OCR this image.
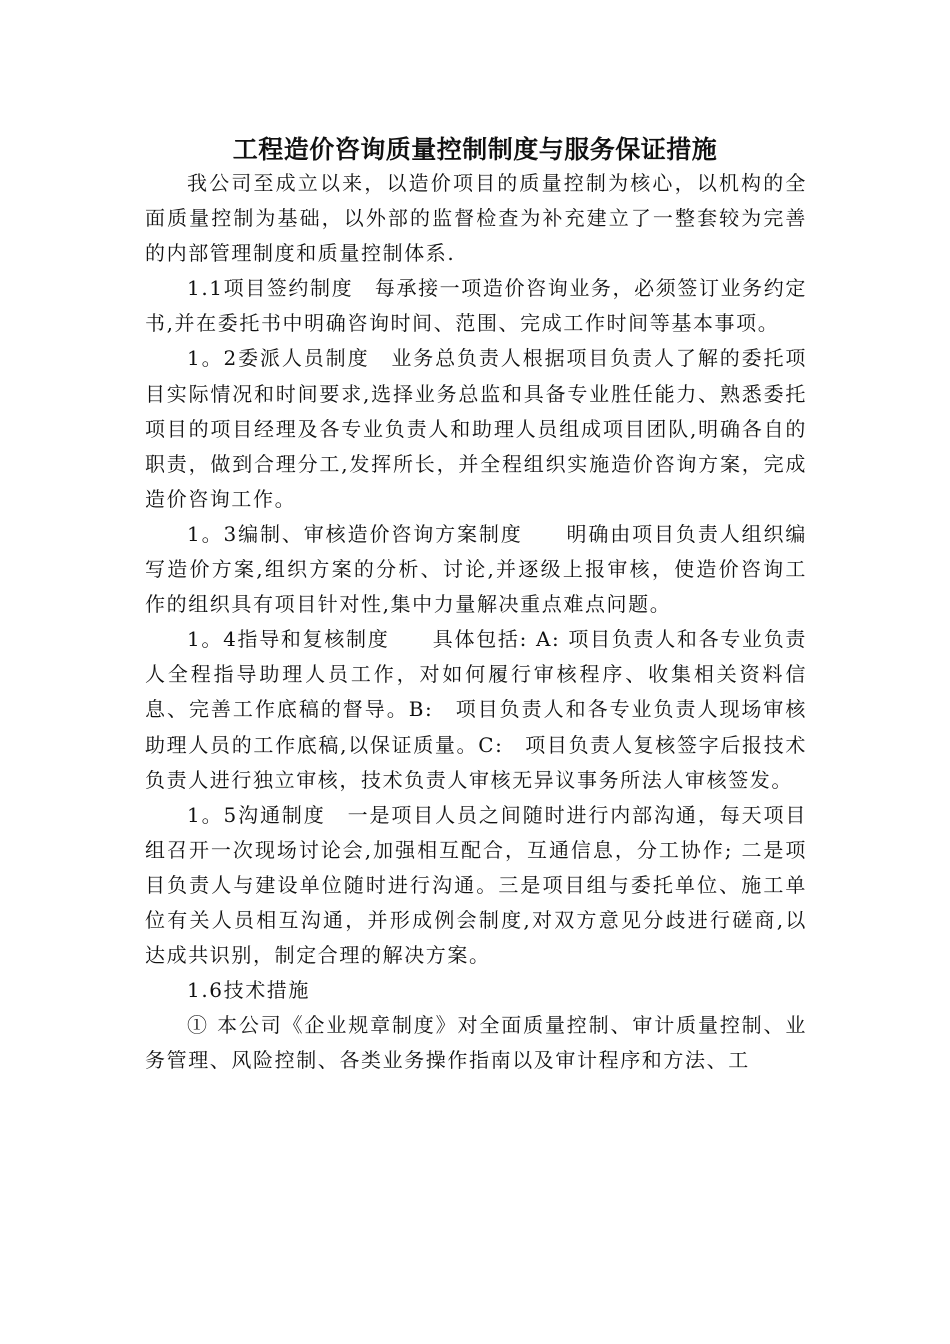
工程造价咨询质量控制制度与服务保证措施

我公司至成立以来，以造价项目的质量控制为核心，以机构的全面质量控制为基础，以外部的监督检查为补充建立了一整套较为完善的内部管理制度和质量控制体系.

1.1项目签约制度　每承接一项造价咨询业务，必须签订业务约定书,并在委托书中明确咨询时间、范围、完成工作时间等基本事项。

1。2委派人员制度　业务总负责人根据项目负责人了解的委托项目实际情况和时间要求,选择业务总监和具备专业胜任能力、熟悉委托项目的项目经理及各专业负责人和助理人员组成项目团队,明确各自的职责，做到合理分工,发挥所长，并全程组织实施造价咨询方案，完成造价咨询工作。

1。3编制、审核造价咨询方案制度　　明确由项目负责人组织编写造价方案,组织方案的分析、讨论,并逐级上报审核，使造价咨询工作的组织具有项目针对性,集中力量解决重点难点问题。

1。4指导和复核制度　　具体包括: A: 项目负责人和各专业负责人全程指导助理人员工作，对如何履行审核程序、收集相关资料信息、完善工作底稿的督导。B:　项目负责人和各专业负责人现场审核助理人员的工作底稿,以保证质量。C:　项目负责人复核签字后报技术负责人进行独立审核，技术负责人审核无异议事务所法人审核签发。

1。5沟通制度　一是项目人员之间随时进行内部沟通，每天项目组召开一次现场讨论会,加强相互配合，互通信息，分工协作; 二是项目负责人与建设单位随时进行沟通。三是项目组与委托单位、施工单位有关人员相互沟通，并形成例会制度,对双方意见分歧进行磋商,以达成共识别，制定合理的解决方案。

1.6技术措施

① 本公司《企业规章制度》对全面质量控制、审计质量控制、业务管理、风险控制、各类业务操作指南以及审计程序和方法、工
